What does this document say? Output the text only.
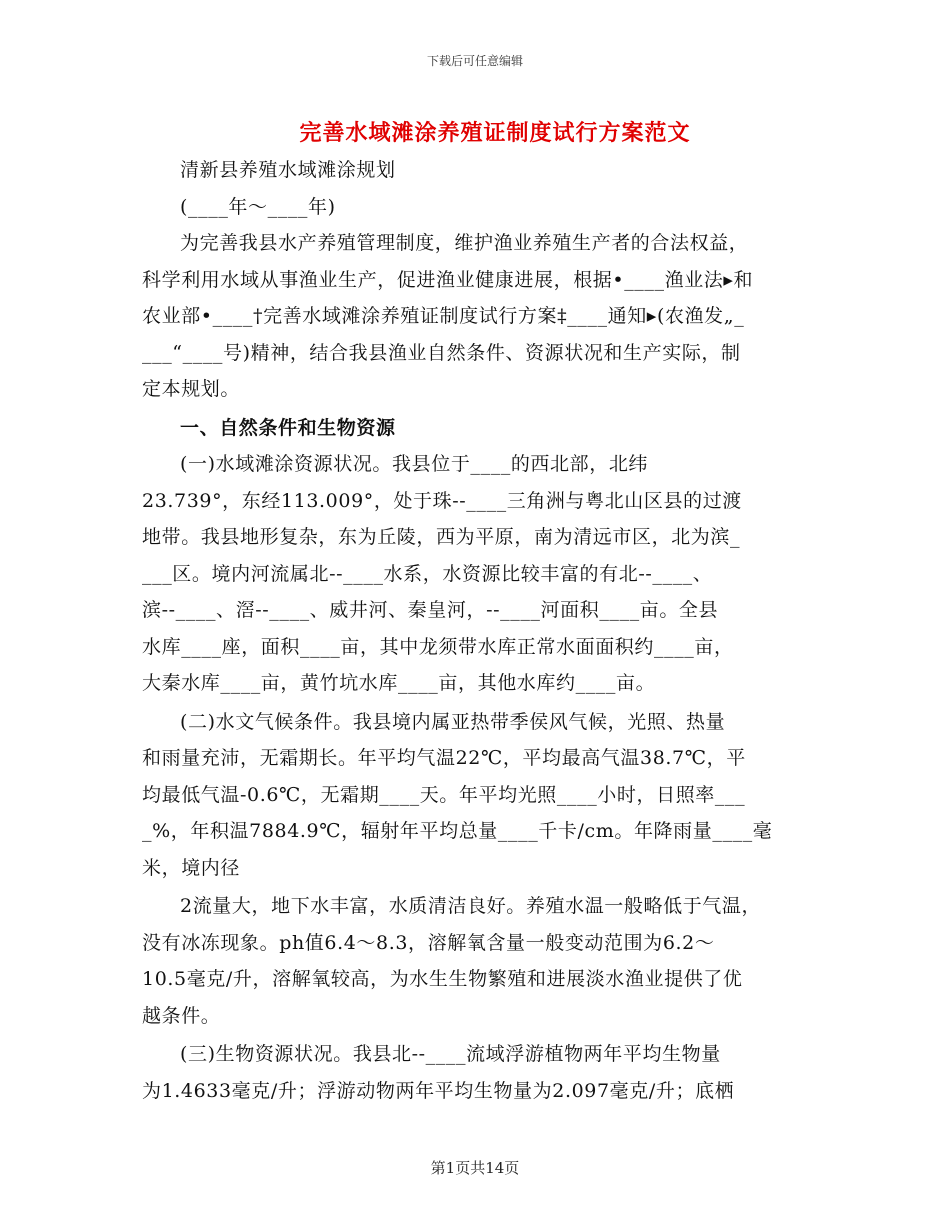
下载后可任意编辑
完善水域滩涂养殖证制度试行方案范文

清新县养殖水域滩涂规划

(____年～____年)

为完善我县水产养殖管理制度，维护渔业养殖生产者的合法权益，
科学利用水域从事渔业生产，促进渔业健康进展，根据•____渔业法▸和
农业部•____†完善水域滩涂养殖证制度试行方案‡____通知▸(农渔发„_
___“____号)精神，结合我县渔业自然条件、资源状况和生产实际，制
定本规划。

一、自然条件和生物资源

(一)水域滩涂资源状况。我县位于____的西北部，北纬
23.739°，东经113.009°，处于珠--____三角洲与粤北山区县的过渡
地带。我县地形复杂，东为丘陵，西为平原，南为清远市区，北为滨_
___区。境内河流属北--____水系，水资源比较丰富的有北--____、
滨--____、滘--____、威井河、秦皇河，--____河面积____亩。全县
水库____座，面积____亩，其中龙须带水库正常水面面积约____亩，
大秦水库____亩，黄竹坑水库____亩，其他水库约____亩。

(二)水文气候条件。我县境内属亚热带季侯风气候，光照、热量
和雨量充沛，无霜期长。年平均气温22℃，平均最高气温38.7℃，平
均最低气温-0.6℃，无霜期____天。年平均光照____小时，日照率___
_%，年积温7884.9℃，辐射年平均总量____千卡/cm。年降雨量____毫
米，境内径

2流量大，地下水丰富，水质清洁良好。养殖水温一般略低于气温，
没有冰冻现象。ph值6.4～8.3，溶解氧含量一般变动范围为6.2～
10.5毫克/升，溶解氧较高，为水生生物繁殖和进展淡水渔业提供了优
越条件。

(三)生物资源状况。我县北--____流域浮游植物两年平均生物量
为1.4633毫克/升；浮游动物两年平均生物量为2.097毫克/升；底栖

第1页共14页
